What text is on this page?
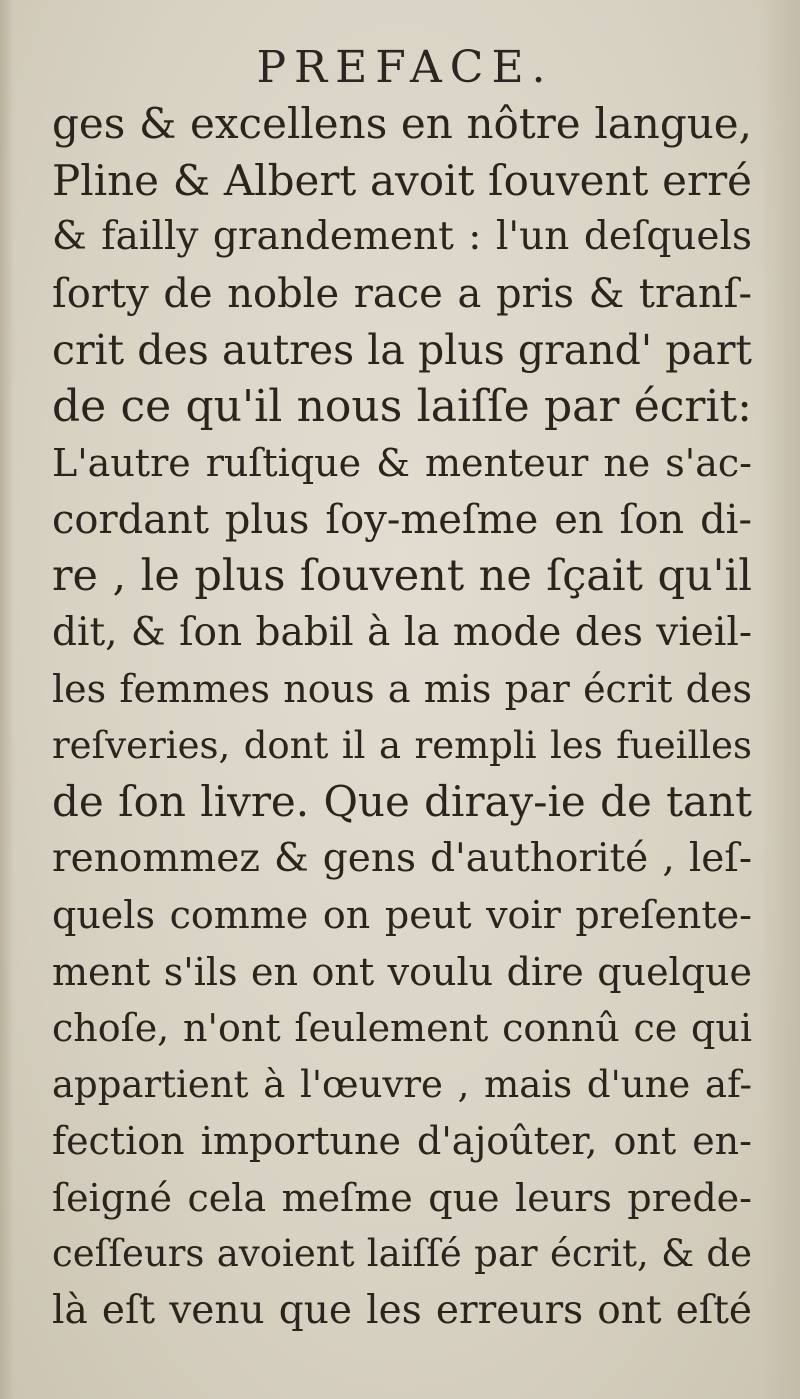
PREFACE.
ges & excellens en nôtre langue,
Pline & Albert avoit ſouvent erré
& failly grandement : l'un deſquels
ſorty de noble race a pris & tranſ-
crit des autres la plus grand' part
de ce qu'il nous laiſſe par écrit:
L'autre ruſtique & menteur ne s'ac-
cordant plus ſoy-meſme en ſon di-
re , le plus ſouvent ne ſçait qu'il
dit, & ſon babil à la mode des vieil-
les femmes nous a mis par écrit des
reſveries, dont il a rempli les fueilles
de ſon livre. Que diray-ie de tant
renommez & gens d'authorité , leſ-
quels comme on peut voir preſente-
ment s'ils en ont voulu dire quelque
choſe, n'ont ſeulement connû ce qui
appartient à l'œuvre , mais d'une af-
fection importune d'ajoûter, ont en-
ſeigné cela meſme que leurs prede-
ceſſeurs avoient laiſſé par écrit, & de
là eſt venu que les erreurs ont eſté
